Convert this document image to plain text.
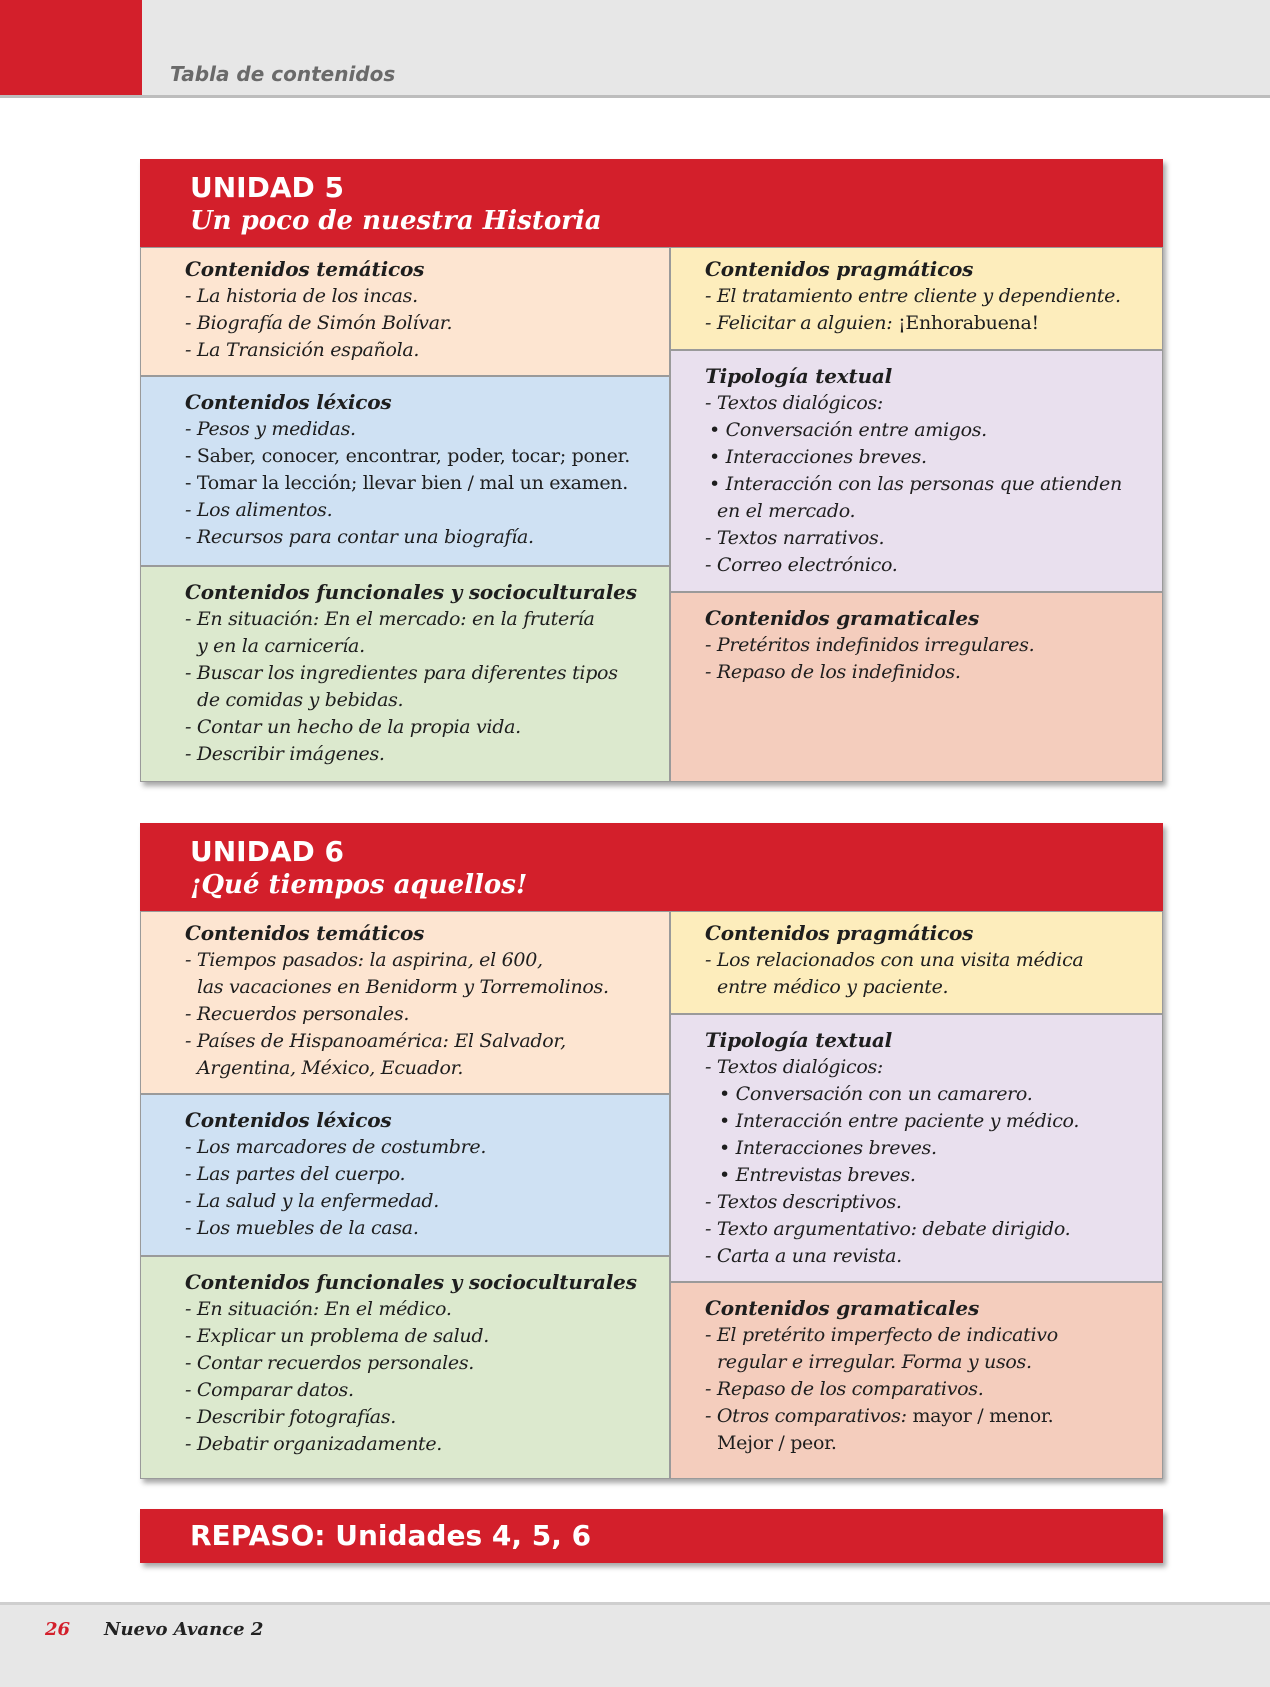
Tabla de contenidos
UNIDAD 5
Un poco de nuestra Historia
Contenidos temáticos
- La historia de los incas.
- Biografía de Simón Bolívar.
- La Transición española.
Contenidos léxicos
- Pesos y medidas.
- Saber, conocer, encontrar, poder, tocar; poner.
- Tomar la lección; llevar bien / mal un examen.
- Los alimentos.
- Recursos para contar una biografía.
Contenidos funcionales y socioculturales
- En situación: En el mercado: en la frutería
y en la carnicería.
- Buscar los ingredientes para diferentes tipos
de comidas y bebidas.
- Contar un hecho de la propia vida.
- Describir imágenes.
Contenidos pragmáticos
- El tratamiento entre cliente y dependiente.
- Felicitar a alguien: ¡Enhorabuena!
Tipología textual
- Textos dialógicos:
• Conversación entre amigos.
• Interacciones breves.
• Interacción con las personas que atienden
en el mercado.
- Textos narrativos.
- Correo electrónico.
Contenidos gramaticales
- Pretéritos indefinidos irregulares.
- Repaso de los indefinidos.
UNIDAD 6
¡Qué tiempos aquellos!
Contenidos temáticos
- Tiempos pasados: la aspirina, el 600,
las vacaciones en Benidorm y Torremolinos.
- Recuerdos personales.
- Países de Hispanoamérica: El Salvador,
Argentina, México, Ecuador.
Contenidos léxicos
- Los marcadores de costumbre.
- Las partes del cuerpo.
- La salud y la enfermedad.
- Los muebles de la casa.
Contenidos funcionales y socioculturales
- En situación: En el médico.
- Explicar un problema de salud.
- Contar recuerdos personales.
- Comparar datos.
- Describir fotografías.
- Debatir organizadamente.
Contenidos pragmáticos
- Los relacionados con una visita médica
entre médico y paciente.
Tipología textual
- Textos dialógicos:
• Conversación con un camarero.
• Interacción entre paciente y médico.
• Interacciones breves.
• Entrevistas breves.
- Textos descriptivos.
- Texto argumentativo: debate dirigido.
- Carta a una revista.
Contenidos gramaticales
- El pretérito imperfecto de indicativo
regular e irregular. Forma y usos.
- Repaso de los comparativos.
- Otros comparativos: mayor / menor.
Mejor / peor.
REPASO: Unidades 4, 5, 6
26 Nuevo Avance 2
